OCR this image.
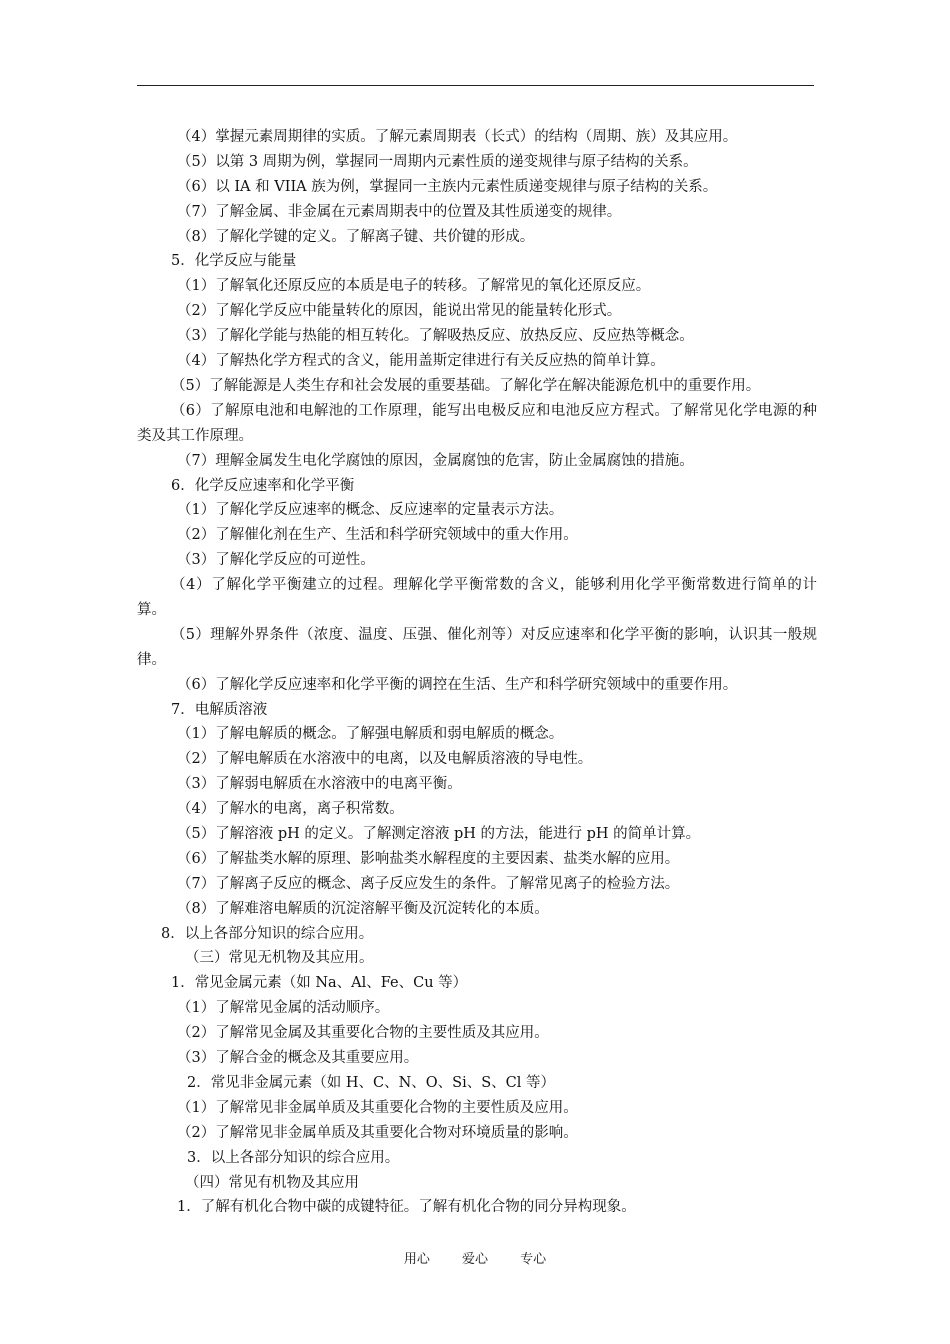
（4）掌握元素周期律的实质。了解元素周期表（长式）的结构（周期、族）及其应用。
（5）以第 3 周期为例，掌握同一周期内元素性质的递变规律与原子结构的关系。
（6）以 IA 和 VIIA 族为例，掌握同一主族内元素性质递变规律与原子结构的关系。
（7）了解金属、非金属在元素周期表中的位置及其性质递变的规律。
（8）了解化学键的定义。了解离子键、共价键的形成。
5．化学反应与能量
（1）了解氧化还原反应的本质是电子的转移。了解常见的氧化还原反应。
（2）了解化学反应中能量转化的原因，能说出常见的能量转化形式。
（3）了解化学能与热能的相互转化。了解吸热反应、放热反应、反应热等概念。
（4）了解热化学方程式的含义，能用盖斯定律进行有关反应热的简单计算。
（5）了解能源是人类生存和社会发展的重要基础。了解化学在解决能源危机中的重要作用。
（6）了解原电池和电解池的工作原理，能写出电极反应和电池反应方程式。了解常见化学电源的种类及其工作原理。
（7）理解金属发生电化学腐蚀的原因，金属腐蚀的危害，防止金属腐蚀的措施。
6．化学反应速率和化学平衡
（1）了解化学反应速率的概念、反应速率的定量表示方法。
（2）了解催化剂在生产、生活和科学研究领域中的重大作用。
（3）了解化学反应的可逆性。
（4）了解化学平衡建立的过程。理解化学平衡常数的含义，能够利用化学平衡常数进行简单的计算。
（5）理解外界条件（浓度、温度、压强、催化剂等）对反应速率和化学平衡的影响，认识其一般规律。
（6）了解化学反应速率和化学平衡的调控在生活、生产和科学研究领域中的重要作用。
7．电解质溶液
（1）了解电解质的概念。了解强电解质和弱电解质的概念。
（2）了解电解质在水溶液中的电离，以及电解质溶液的导电性。
（3）了解弱电解质在水溶液中的电离平衡。
（4）了解水的电离，离子积常数。
（5）了解溶液 pH 的定义。了解测定溶液 pH 的方法，能进行 pH 的简单计算。
（6）了解盐类水解的原理、影响盐类水解程度的主要因素、盐类水解的应用。
（7）了解离子反应的概念、离子反应发生的条件。了解常见离子的检验方法。
（8）了解难溶电解质的沉淀溶解平衡及沉淀转化的本质。
8．以上各部分知识的综合应用。
（三）常见无机物及其应用。
1．常见金属元素（如 Na、Al、Fe、Cu 等）
（1）了解常见金属的活动顺序。
（2）了解常见金属及其重要化合物的主要性质及其应用。
（3）了解合金的概念及其重要应用。
2．常见非金属元素（如 H、C、N、O、Si、S、Cl 等）
（1）了解常见非金属单质及其重要化合物的主要性质及应用。
（2）了解常见非金属单质及其重要化合物对环境质量的影响。
3．以上各部分知识的综合应用。
（四）常见有机物及其应用
1．了解有机化合物中碳的成键特征。了解有机化合物的同分异构现象。
用心 爱心 专心
